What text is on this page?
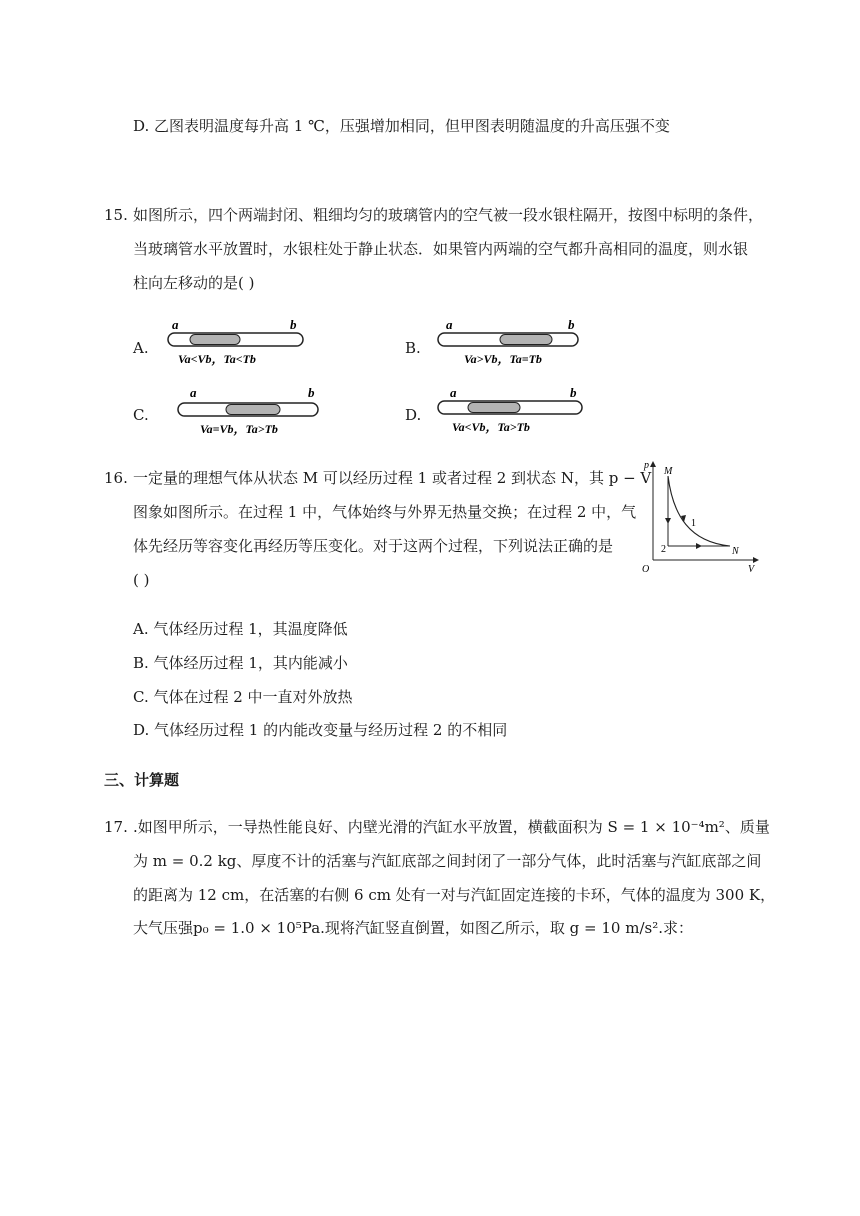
D. 乙图表明温度每升高 1 ℃，压强增加相同，但甲图表明随温度的升高压强不变
15. 如图所示，四个两端封闭、粗细均匀的玻璃管内的空气被一段水银柱隔开，按图中标明的条件，
当玻璃管水平放置时，水银柱处于静止状态．如果管内两端的空气都升高相同的温度，则水银
柱向左移动的是( )
A.
a	b
Va<Vb，Ta<Tb
B.
a	b
Va>Vb，Ta=Tb
C.
a	b
Va=Vb，Ta>Tb
D.
a	b
Va<Vb，Ta>Tb
16. 一定量的理想气体从状态 M 可以经历过程 1 或者过程 2 到状态 N，其 p − V
图象如图所示。在过程 1 中，气体始终与外界无热量交换；在过程 2 中，气
体先经历等容变化再经历等压变化。对于这两个过程，下列说法正确的是
( )
p
V
O
M
N
1
2
A. 气体经历过程 1，其温度降低
B. 气体经历过程 1，其内能减小
C. 气体在过程 2 中一直对外放热
D. 气体经历过程 1 的内能改变量与经历过程 2 的不相同
三、计算题
17. .如图甲所示，一导热性能良好、内壁光滑的汽缸水平放置，横截面积为 S = 1 × 10⁻⁴m²、质量
为 m = 0.2 kg、厚度不计的活塞与汽缸底部之间封闭了一部分气体，此时活塞与汽缸底部之间
的距离为 12 cm，在活塞的右侧 6 cm 处有一对与汽缸固定连接的卡环，气体的温度为 300 K，
大气压强p₀ = 1.0 × 10⁵Pa.现将汽缸竖直倒置，如图乙所示，取 g = 10 m/s².求：
